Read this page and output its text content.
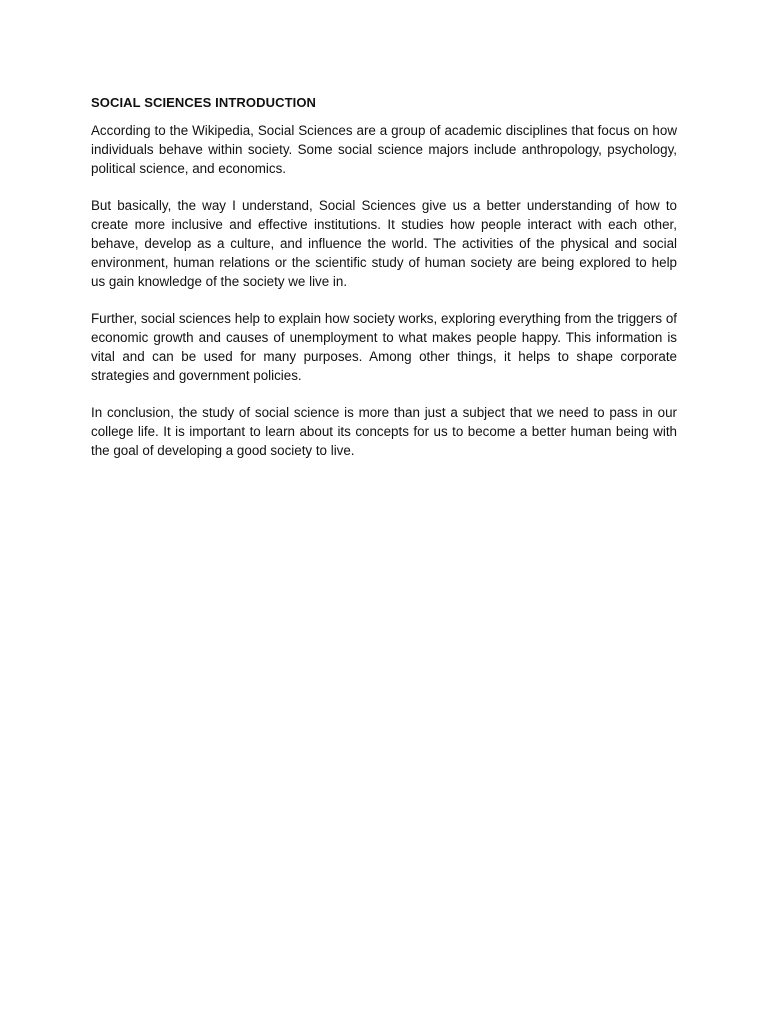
SOCIAL SCIENCES INTRODUCTION

According to the Wikipedia, Social Sciences are a group of academic disciplines that focus on how individuals behave within society. Some social science majors include anthropology, psychology, political science, and economics.

But basically, the way I understand, Social Sciences give us a better understanding of how to create more inclusive and effective institutions. It studies how people interact with each other, behave, develop as a culture, and influence the world. The activities of the physical and social environment, human relations or the scientific study of human society are being explored to help us gain knowledge of the society we live in.

Further, social sciences help to explain how society works, exploring everything from the triggers of economic growth and causes of unemployment to what makes people happy. This information is vital and can be used for many purposes. Among other things, it helps to shape corporate strategies and government policies.

In conclusion, the study of social science is more than just a subject that we need to pass in our college life. It is important to learn about its concepts for us to become a better human being with the goal of developing a good society to live.
